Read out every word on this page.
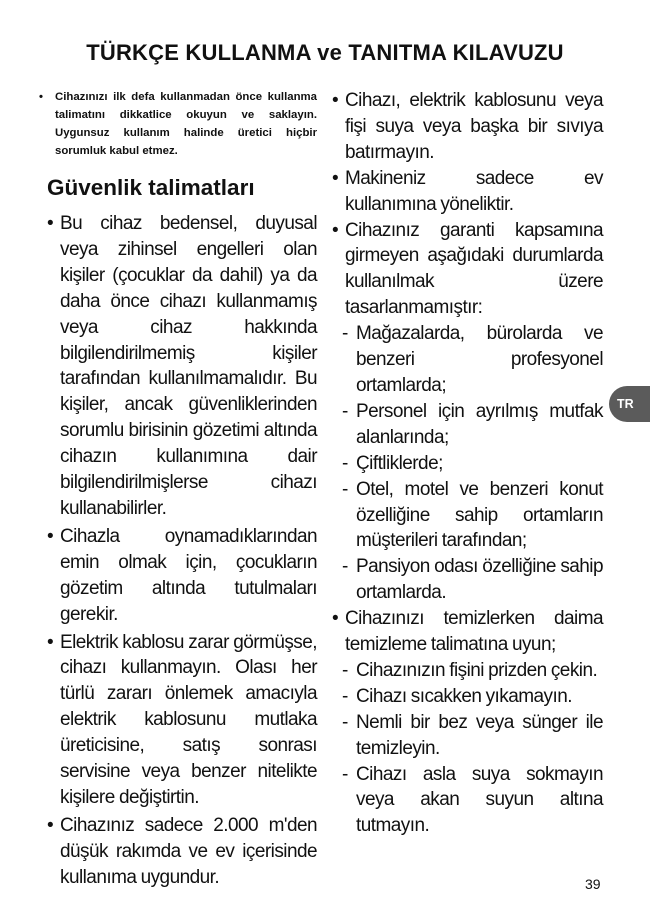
TÜRKÇE KULLANMA ve TANITMA KILAVUZU
• Cihazınızı ilk defa kullanmadan önce kullanma talimatını dikkatlice okuyun ve saklayın. Uygunsuz kullanım halinde üretici hiçbir sorumluk kabul etmez.
Güvenlik talimatları
• Bu cihaz bedensel, duyusal veya zihinsel engelleri olan kişiler (çocuklar da dahil) ya da daha önce cihazı kullanmamış veya cihaz hakkında bilgilendirilmemiş kişiler tarafından kullanılmamalıdır. Bu kişiler, ancak güvenliklerinden sorumlu birisinin gözetimi altında cihazın kullanımına dair bilgilendirilmişlerse cihazı kullanabilirler.
• Cihazla oynamadıklarından emin olmak için, çocukların gözetim altında tutulmaları gerekir.
• Elektrik kablosu zarar görmüşse, cihazı kullanmayın. Olası her türlü zararı önlemek amacıyla elektrik kablosunu mutlaka üreticisine, satış sonrası servisine veya benzer nitelikte kişilere değiştirtin.
• Cihazınız sadece 2.000 m'den düşük rakımda ve ev içerisinde kullanıma uygundur.
• Cihazı, elektrik kablosunu veya fişi suya veya başka bir sıvıya batırmayın.
• Makineniz sadece ev kullanımına yöneliktir.
• Cihazınız garanti kapsamına girmeyen aşağıdaki durumlarda kullanılmak üzere tasarlanmamıştır:
- Mağazalarda, bürolarda ve benzeri profesyonel ortamlarda;
- Personel için ayrılmış mutfak alanlarında;
- Çiftliklerde;
- Otel, motel ve benzeri konut özelliğine sahip ortamların müşterileri tarafından;
- Pansiyon odası özelliğine sahip ortamlarda.
• Cihazınızı temizlerken daima temizleme talimatına uyun;
- Cihazınızın fişini prizden çekin.
- Cihazı sıcakken yıkamayın.
- Nemli bir bez veya sünger ile temizleyin.
- Cihazı asla suya sokmayın veya akan suyun altına tutmayın.
TR
39
